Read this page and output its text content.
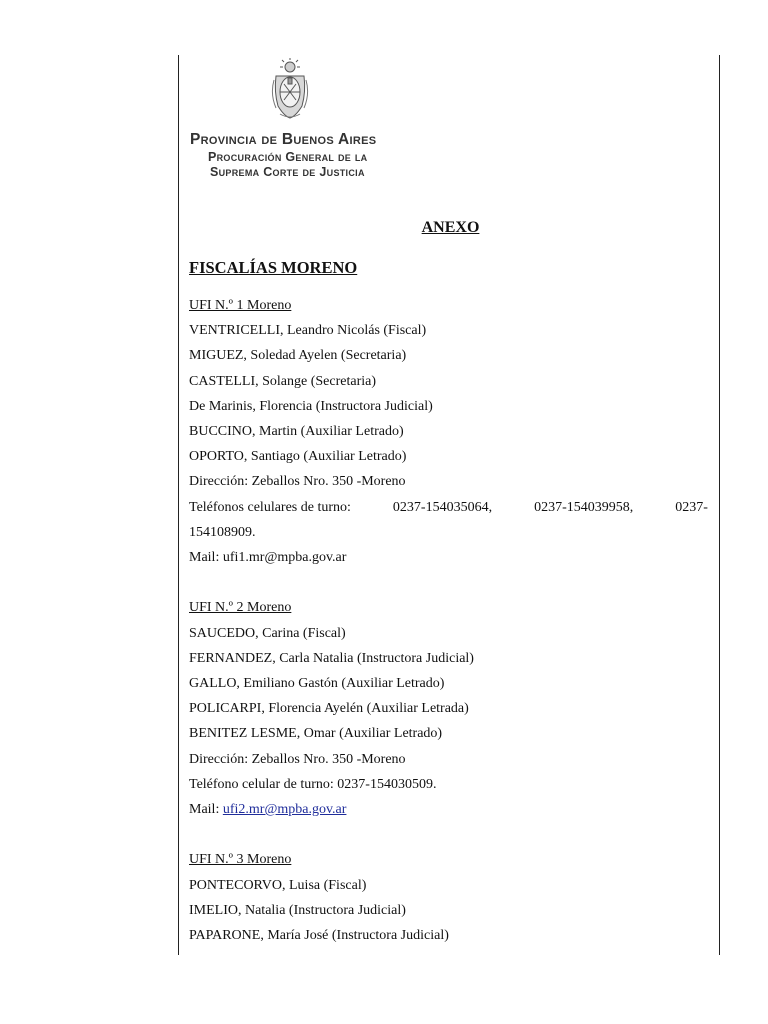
Provincia de Buenos Aires
Procuración General de la
Suprema Corte de Justicia
ANEXO
FISCALÍAS MORENO
UFI N.º 1 Moreno
VENTRICELLI, Leandro Nicolás (Fiscal)
MIGUEZ, Soledad Ayelen (Secretaria)
CASTELLI, Solange (Secretaria)
De Marinis, Florencia (Instructora Judicial)
BUCCINO, Martin (Auxiliar Letrado)
OPORTO, Santiago (Auxiliar Letrado)
Dirección: Zeballos Nro. 350 -Moreno
Teléfonos celulares de turno:	0237-154035064,	0237-154039958,	0237-
154108909.
Mail: ufi1.mr@mpba.gov.ar
UFI N.º 2 Moreno
SAUCEDO, Carina (Fiscal)
FERNANDEZ, Carla Natalia (Instructora Judicial)
GALLO, Emiliano Gastón (Auxiliar Letrado)
POLICARPI, Florencia Ayelén (Auxiliar Letrada)
BENITEZ LESME, Omar (Auxiliar Letrado)
Dirección: Zeballos Nro. 350 -Moreno
Teléfono celular de turno: 0237-154030509.
Mail: ufi2.mr@mpba.gov.ar
UFI N.º 3 Moreno
PONTECORVO, Luisa (Fiscal)
IMELIO, Natalia (Instructora Judicial)
PAPARONE, María José (Instructora Judicial)
